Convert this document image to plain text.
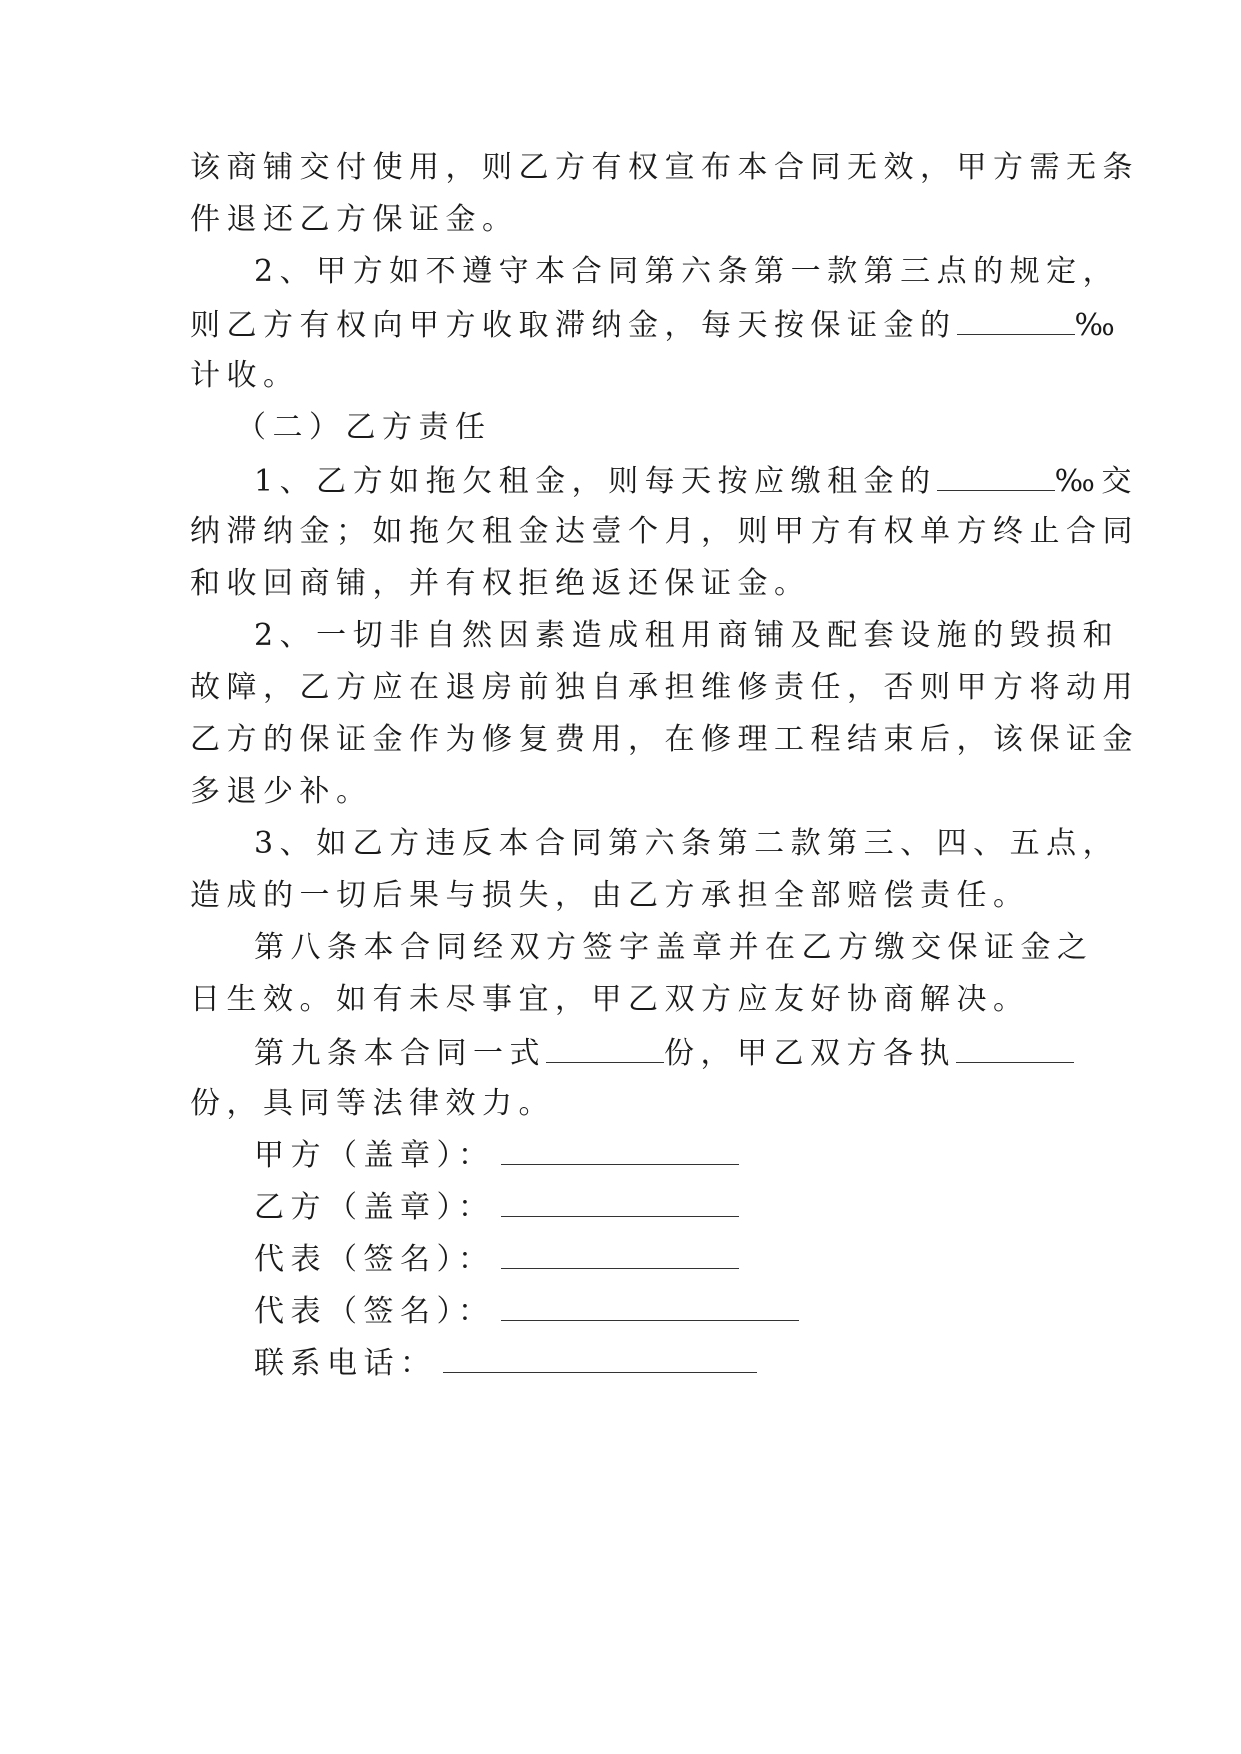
该商铺交付使用，则乙方有权宣布本合同无效，甲方需无条
件退还乙方保证金。
2、甲方如不遵守本合同第六条第一款第三点的规定，
则乙方有权向甲方收取滞纳金，每天按保证金的	‰
计收。
（二）乙方责任
1、乙方如拖欠租金，则每天按应缴租金的	‰交
纳滞纳金；如拖欠租金达壹个月，则甲方有权单方终止合同
和收回商铺，并有权拒绝返还保证金。
2、一切非自然因素造成租用商铺及配套设施的毁损和
故障，乙方应在退房前独自承担维修责任，否则甲方将动用
乙方的保证金作为修复费用，在修理工程结束后，该保证金
多退少补。
3、如乙方违反本合同第六条第二款第三、四、五点，
造成的一切后果与损失，由乙方承担全部赔偿责任。
第八条本合同经双方签字盖章并在乙方缴交保证金之
日生效。如有未尽事宜，甲乙双方应友好协商解决。
第九条本合同一式	份，甲乙双方各执
份，具同等法律效力。
甲方（盖章）：
乙方（盖章）：
代表（签名）：
代表（签名）：
联系电话：
